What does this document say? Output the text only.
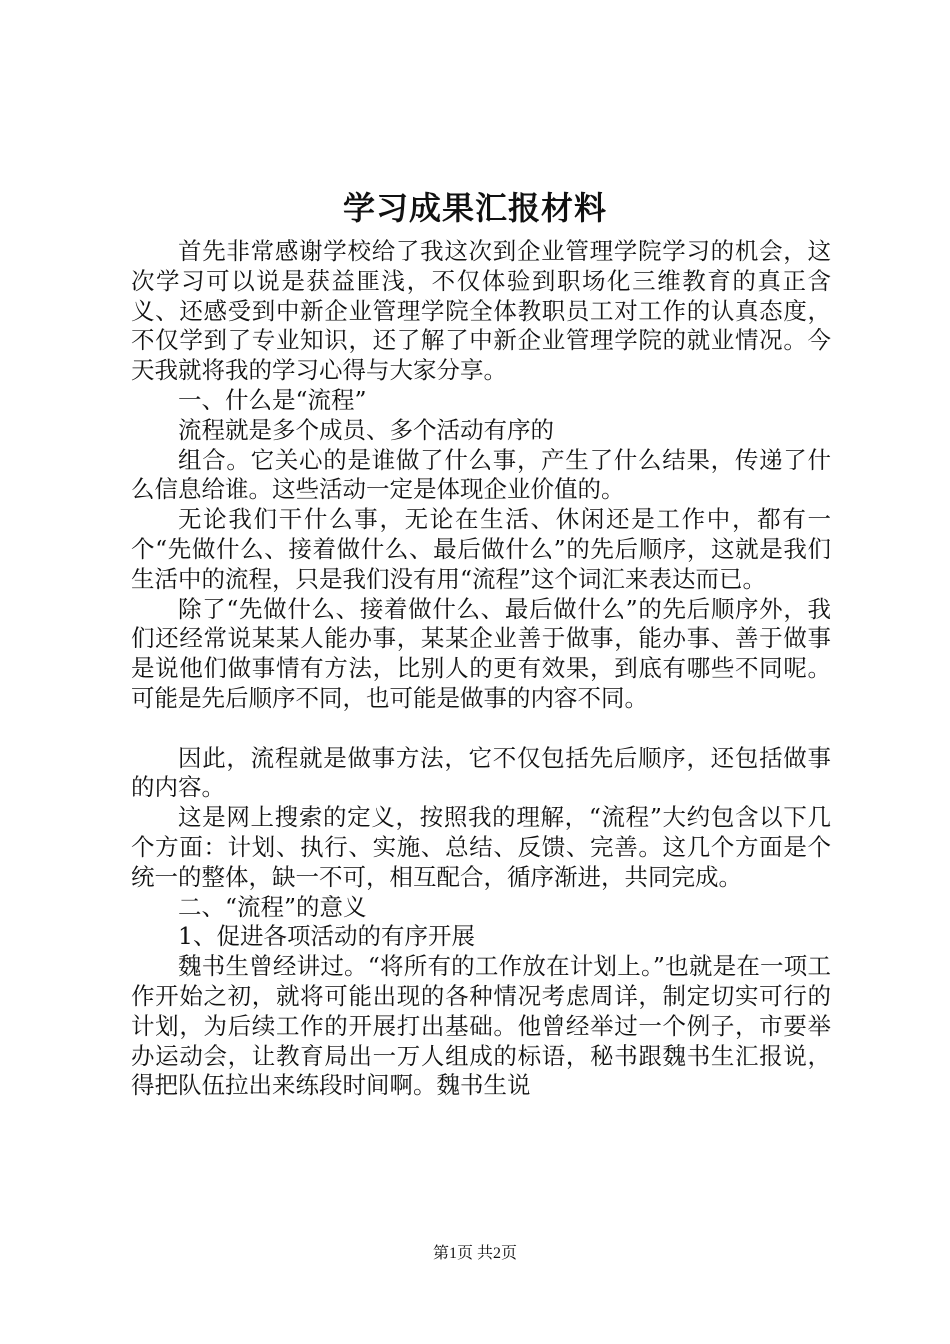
学习成果汇报材料

首先非常感谢学校给了我这次到企业管理学院学习的机会，这次学习可以说是获益匪浅，不仅体验到职场化三维教育的真正含义、还感受到中新企业管理学院全体教职员工对工作的认真态度，不仅学到了专业知识，还了解了中新企业管理学院的就业情况。今天我就将我的学习心得与大家分享。

一、什么是“流程”

流程就是多个成员、多个活动有序的

组合。它关心的是谁做了什么事，产生了什么结果，传递了什么信息给谁。这些活动一定是体现企业价值的。

无论我们干什么事，无论在生活、休闲还是工作中，都有一个“先做什么、接着做什么、最后做什么”的先后顺序，这就是我们生活中的流程，只是我们没有用“流程”这个词汇来表达而已。

除了“先做什么、接着做什么、最后做什么”的先后顺序外，我们还经常说某某人能办事，某某企业善于做事，能办事、善于做事是说他们做事情有方法，比别人的更有效果，到底有哪些不同呢。可能是先后顺序不同，也可能是做事的内容不同。

因此，流程就是做事方法，它不仅包括先后顺序，还包括做事的内容。

这是网上搜索的定义，按照我的理解，“流程”大约包含以下几个方面：计划、执行、实施、总结、反馈、完善。这几个方面是个统一的整体，缺一不可，相互配合，循序渐进，共同完成。

二、“流程”的意义

1、促进各项活动的有序开展

魏书生曾经讲过。“将所有的工作放在计划上。”也就是在一项工作开始之初，就将可能出现的各种情况考虑周详，制定切实可行的计划，为后续工作的开展打出基础。他曾经举过一个例子，市要举办运动会，让教育局出一万人组成的标语，秘书跟魏书生汇报说，得把队伍拉出来练段时间啊。魏书生说

第1页 共2页
